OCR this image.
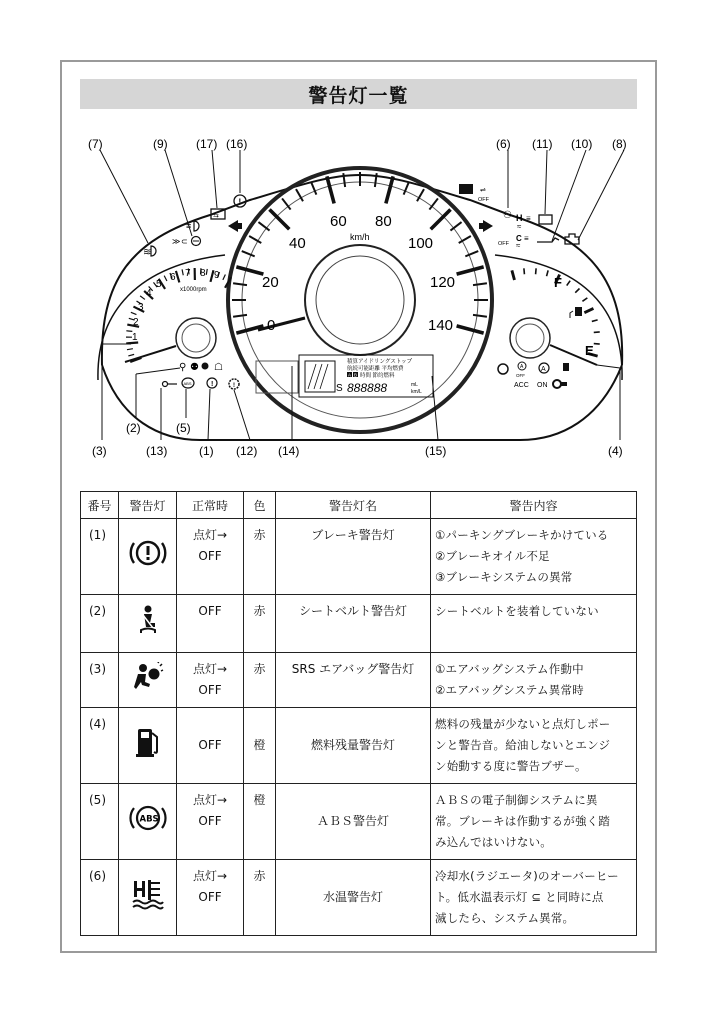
警告灯一覧
0
20
40
60 80
100
120
140
km/h
1
2
3
4
5
6 7 8 9
x1000rpm	F
E
≋
≫ ⊂
≡
⇆
!
⇌
OFF
⚇
OFF
H ≡
≈
C ≡
≈
⚲ ⚉ ☖
ABS	!	!	S
積算アイドリングストップ
航続可能距離 平均燃費
A B 時間 節約燃料
888888	mL
km/L
A
OFF
A
ACC ON
(7)	(9) (17) (16)	(6) (11) (10) (8)
(2)	(5)
(3)	(13)	(1) (12) (14)	(15)	(4)
番号	警告灯	正常時	色	警告灯名	警告内容
(1)		点灯→
OFF	赤	ブレーキ警告灯	①パーキングブレーキかけている
②ブレーキオイル不足
③ブレーキシステムの異常

(2)		OFF	赤	シートベルト警告灯	シートベルトを装着していない

(3)		点灯→
OFF	赤	SRS エアバッグ警告灯	①エアバッグシステム作動中
②エアバッグシステム異常時

(4)		OFF	橙	燃料残量警告灯	燃料の残量が少ないと点灯しポー
ンと警告音。給油しないとエンジ
ン始動する度に警告ブザー。

(5)	ABS	点灯→
OFF	橙	ＡＢＳ警告灯	ＡＢＳの電子制御システムに異
常。ブレーキは作動するが強く踏
み込んではいけない。

(6)		点灯→
OFF	赤	水温警告灯	冷却水(ラジエータ)のオーバーヒー
ト。低水温表示灯 ⊆ と同時に点
滅したら、システム異常。
